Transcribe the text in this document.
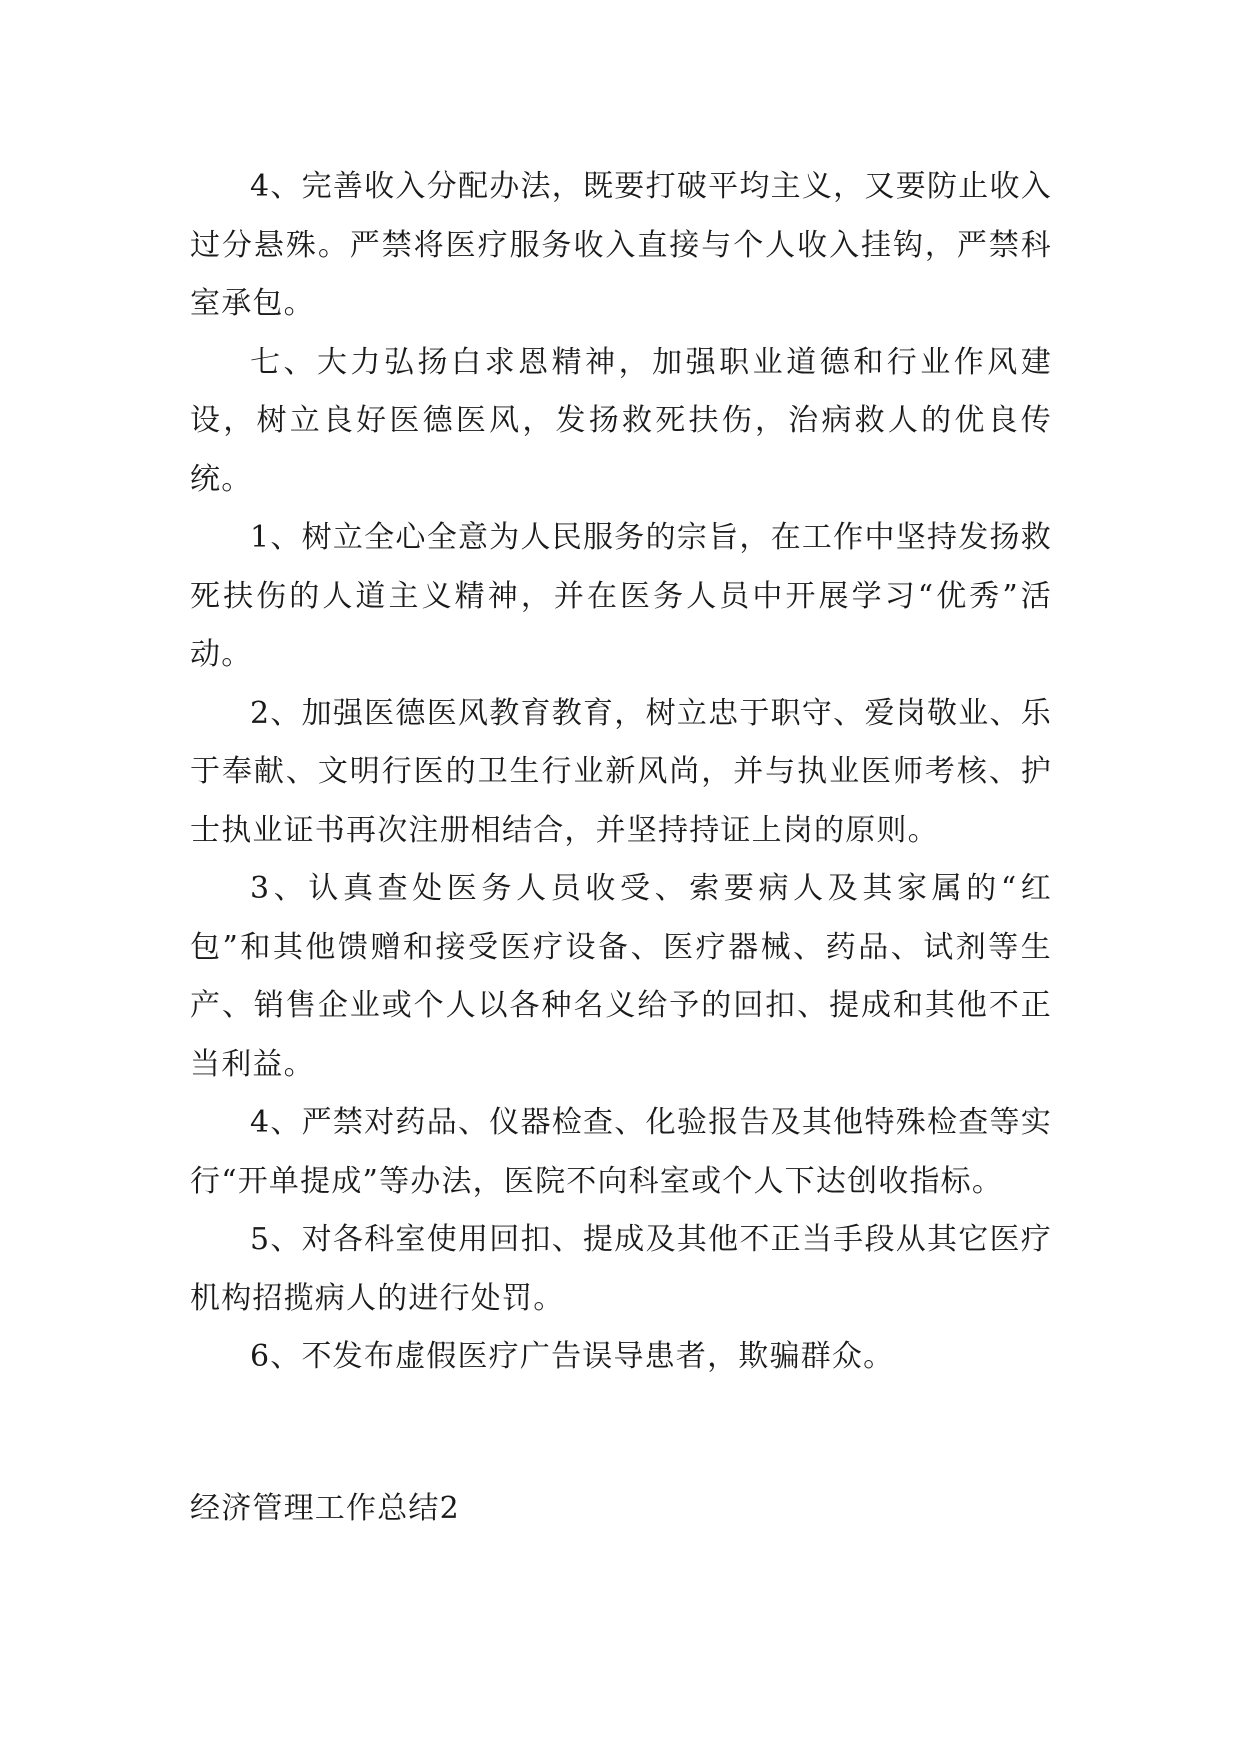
4、完善收入分配办法，既要打破平均主义，又要防止收入过分悬殊。严禁将医疗服务收入直接与个人收入挂钩，严禁科室承包。

七、大力弘扬白求恩精神，加强职业道德和行业作风建设，树立良好医德医风，发扬救死扶伤，治病救人的优良传统。

1、树立全心全意为人民服务的宗旨，在工作中坚持发扬救死扶伤的人道主义精神，并在医务人员中开展学习“优秀”活动。

2、加强医德医风教育教育，树立忠于职守、爱岗敬业、乐于奉献、文明行医的卫生行业新风尚，并与执业医师考核、护士执业证书再次注册相结合，并坚持持证上岗的原则。

3、认真查处医务人员收受、索要病人及其家属的“红包”和其他馈赠和接受医疗设备、医疗器械、药品、试剂等生产、销售企业或个人以各种名义给予的回扣、提成和其他不正当利益。

4、严禁对药品、仪器检查、化验报告及其他特殊检查等实行“开单提成”等办法，医院不向科室或个人下达创收指标。

5、对各科室使用回扣、提成及其他不正当手段从其它医疗机构招揽病人的进行处罚。

6、不发布虚假医疗广告误导患者，欺骗群众。

经济管理工作总结2
